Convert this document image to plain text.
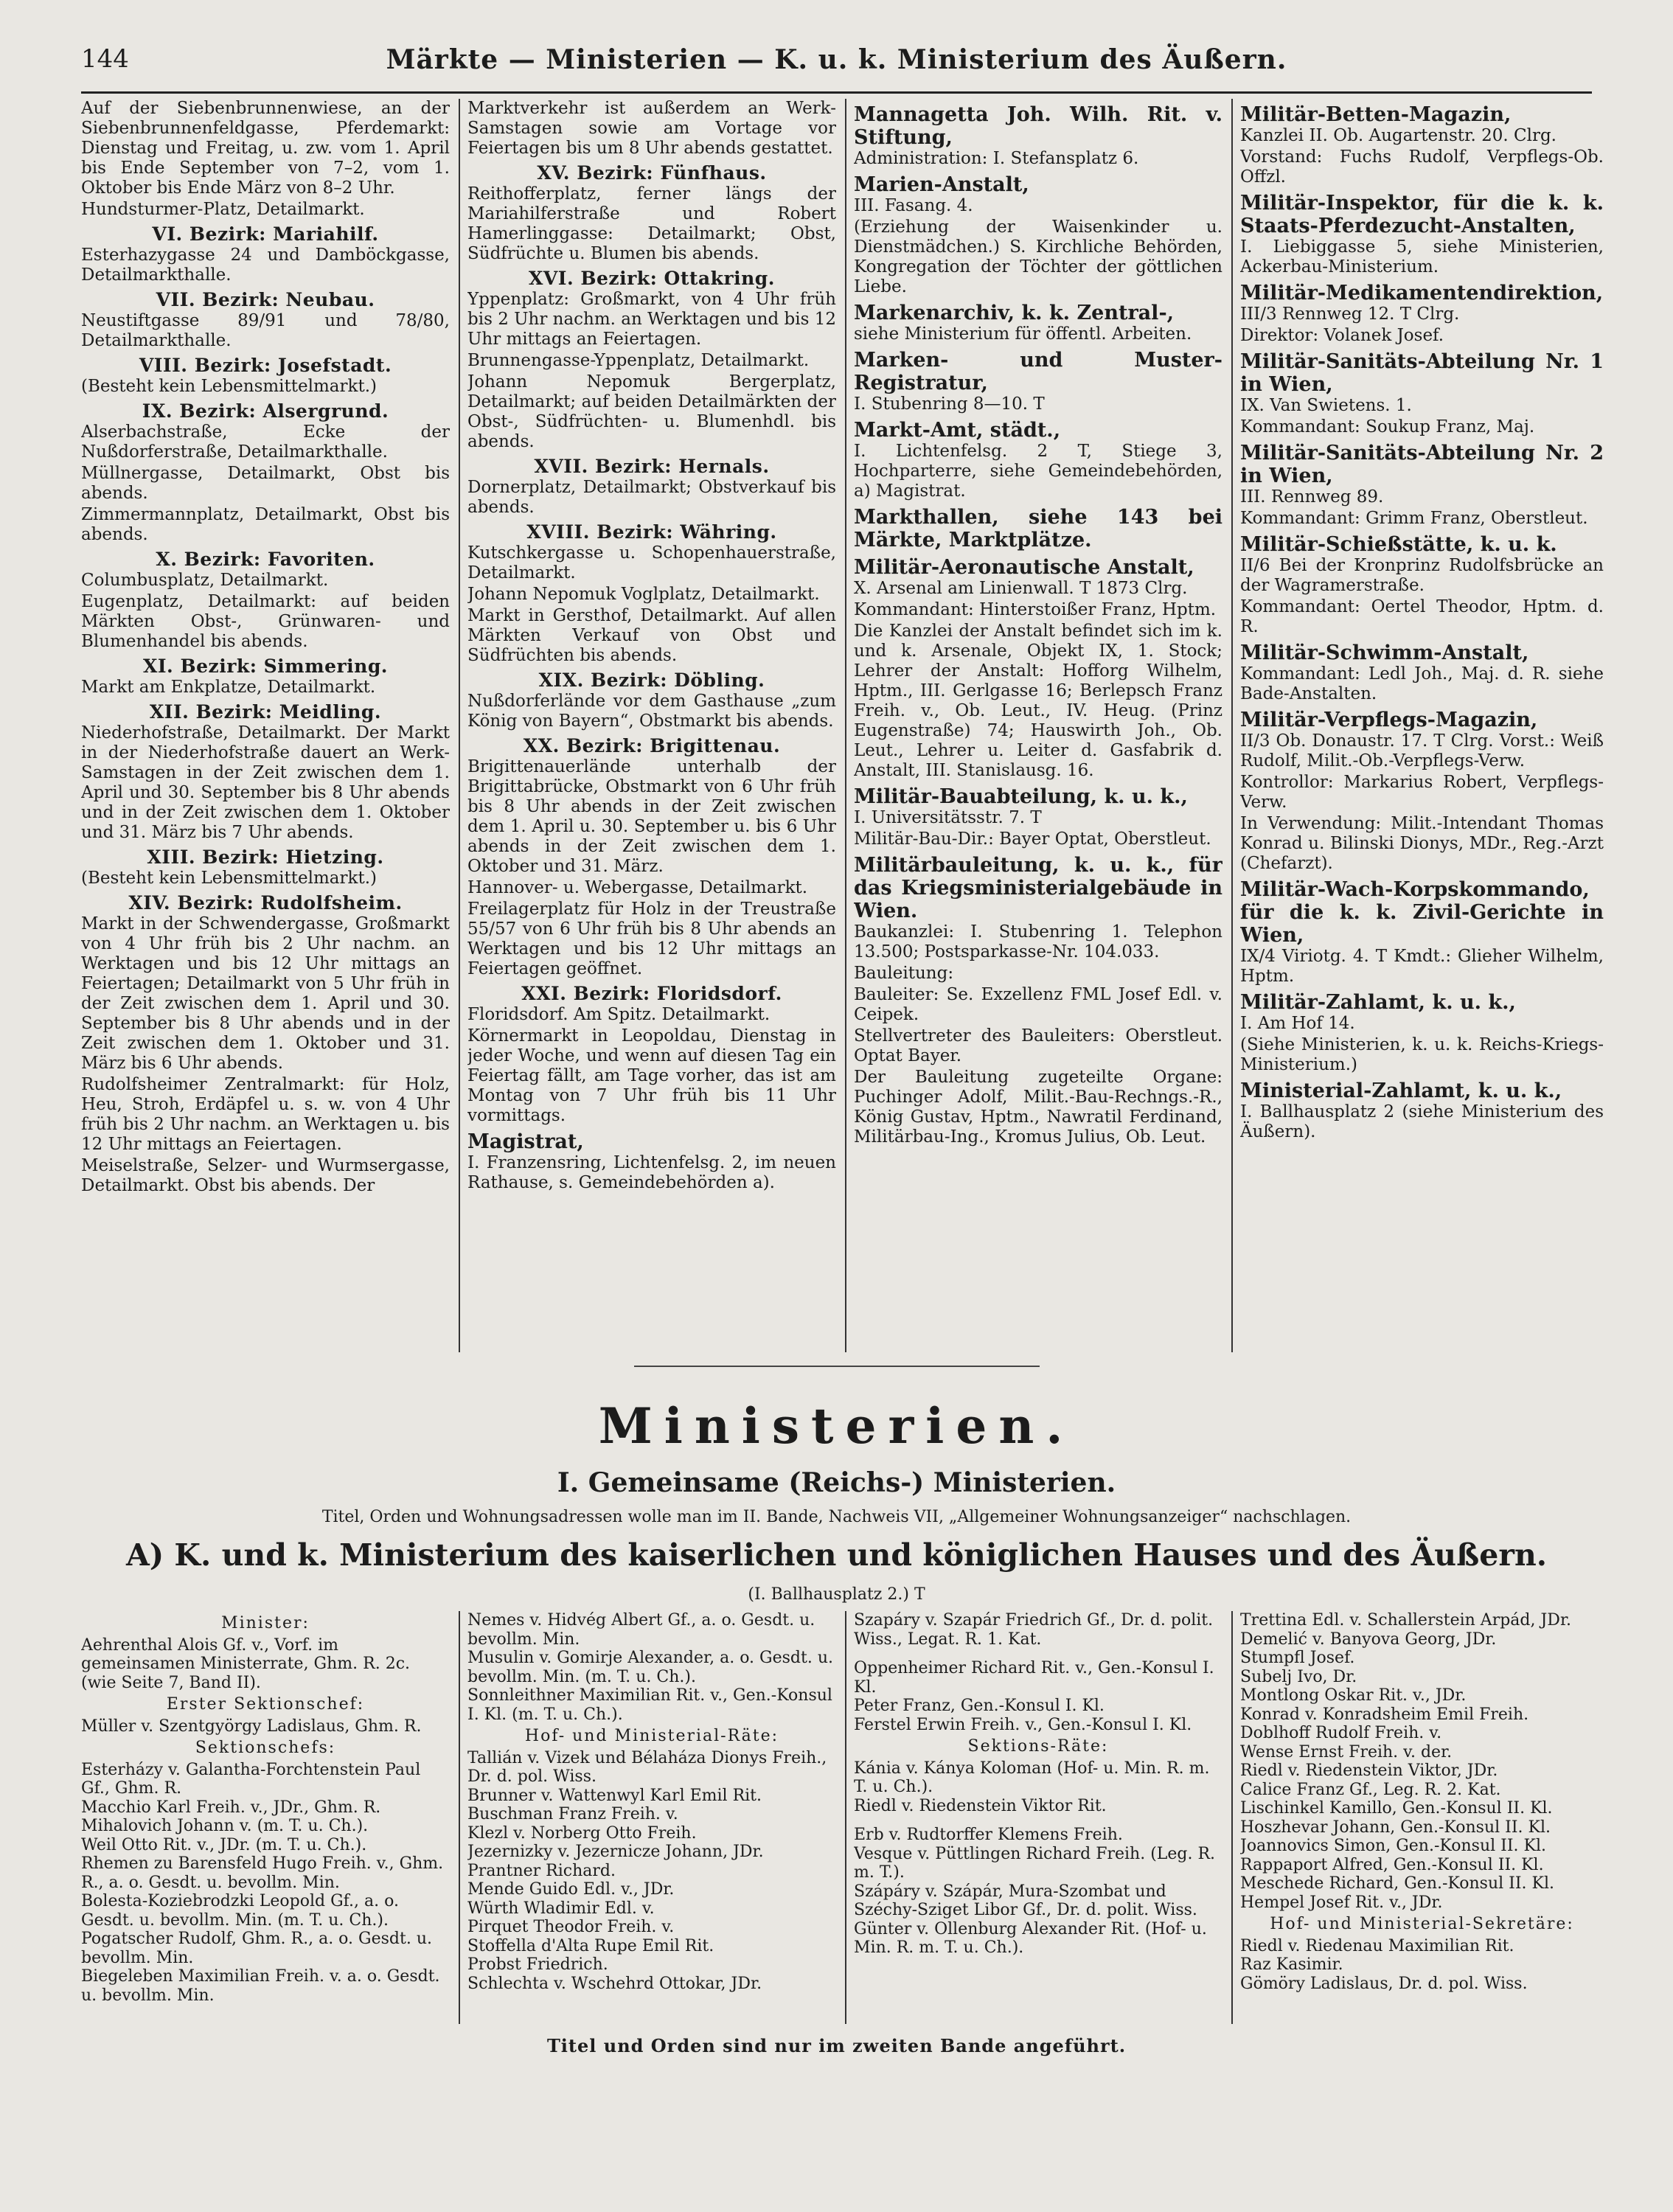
144	Märkte — Ministerien — K. u. k. Ministerium des Äußern.

Auf der Siebenbrunnenwiese, an der Siebenbrunnenfeldgasse, Pferdemarkt: Dienstag und Freitag, u. zw. vom 1. April bis Ende September von 7–2, vom 1. Oktober bis Ende März von 8–2 Uhr.

Hundsturmer-Platz, Detailmarkt.

VI. Bezirk: Mariahilf.

Esterhazygasse 24 und Damböckgasse, Detailmarkthalle.

VII. Bezirk: Neubau.

Neustiftgasse 89/91 und 78/80, Detailmarkthalle.

VIII. Bezirk: Josefstadt.

(Besteht kein Lebensmittelmarkt.)

IX. Bezirk: Alsergrund.

Alserbachstraße, Ecke der Nußdorferstraße, Detailmarkthalle.

Müllnergasse, Detailmarkt, Obst bis abends.

Zimmermannplatz, Detailmarkt, Obst bis abends.

X. Bezirk: Favoriten.

Columbusplatz, Detailmarkt.

Eugenplatz, Detailmarkt: auf beiden Märkten Obst-, Grünwaren- und Blumenhandel bis abends.

XI. Bezirk: Simmering.

Markt am Enkplatze, Detailmarkt.

XII. Bezirk: Meidling.

Niederhofstraße, Detailmarkt. Der Markt in der Niederhofstraße dauert an Werk-Samstagen in der Zeit zwischen dem 1. April und 30. September bis 8 Uhr abends und in der Zeit zwischen dem 1. Oktober und 31. März bis 7 Uhr abends.

XIII. Bezirk: Hietzing.

(Besteht kein Lebensmittelmarkt.)

XIV. Bezirk: Rudolfsheim.

Markt in der Schwendergasse, Großmarkt von 4 Uhr früh bis 2 Uhr nachm. an Werktagen und bis 12 Uhr mittags an Feiertagen; Detailmarkt von 5 Uhr früh in der Zeit zwischen dem 1. April und 30. September bis 8 Uhr abends und in der Zeit zwischen dem 1. Oktober und 31. März bis 6 Uhr abends.

Rudolfsheimer Zentralmarkt: für Holz, Heu, Stroh, Erdäpfel u. s. w. von 4 Uhr früh bis 2 Uhr nachm. an Werktagen u. bis 12 Uhr mittags an Feiertagen.

Meiselstraße, Selzer- und Wurmsergasse, Detailmarkt. Obst bis abends. Der

Marktverkehr ist außerdem an Werk-Samstagen sowie am Vortage vor Feiertagen bis um 8 Uhr abends gestattet.

XV. Bezirk: Fünfhaus.

Reithofferplatz, ferner längs der Mariahilferstraße und Robert Hamerlinggasse: Detailmarkt; Obst, Südfrüchte u. Blumen bis abends.

XVI. Bezirk: Ottakring.

Yppenplatz: Großmarkt, von 4 Uhr früh bis 2 Uhr nachm. an Werktagen und bis 12 Uhr mittags an Feiertagen.

Brunnengasse-Yppenplatz, Detailmarkt.

Johann Nepomuk Bergerplatz, Detailmarkt; auf beiden Detailmärkten der Obst-, Südfrüchten- u. Blumenhdl. bis abends.

XVII. Bezirk: Hernals.

Dornerplatz, Detailmarkt; Obstverkauf bis abends.

XVIII. Bezirk: Währing.

Kutschkergasse u. Schopenhauerstraße, Detailmarkt.

Johann Nepomuk Voglplatz, Detailmarkt.

Markt in Gersthof, Detailmarkt. Auf allen Märkten Verkauf von Obst und Südfrüchten bis abends.

XIX. Bezirk: Döbling.

Nußdorferlände vor dem Gasthause „zum König von Bayern“, Obstmarkt bis abends.

XX. Bezirk: Brigittenau.

Brigittenauerlände unterhalb der Brigittabrücke, Obstmarkt von 6 Uhr früh bis 8 Uhr abends in der Zeit zwischen dem 1. April u. 30. September u. bis 6 Uhr abends in der Zeit zwischen dem 1. Oktober und 31. März.

Hannover- u. Webergasse, Detailmarkt.

Freilagerplatz für Holz in der Treustraße 55/57 von 6 Uhr früh bis 8 Uhr abends an Werktagen und bis 12 Uhr mittags an Feiertagen geöffnet.

XXI. Bezirk: Floridsdorf.

Floridsdorf. Am Spitz. Detailmarkt.

Körnermarkt in Leopoldau, Dienstag in jeder Woche, und wenn auf diesen Tag ein Feiertag fällt, am Tage vorher, das ist am Montag von 7 Uhr früh bis 11 Uhr vormittags.

Magistrat,

I. Franzensring, Lichtenfelsg. 2, im neuen Rathause, s. Gemeindebehörden a).

Mannagetta Joh. Wilh. Rit. v. Stiftung,

Administration: I. Stefansplatz 6.

Marien-Anstalt,

III. Fasang. 4.

(Erziehung der Waisenkinder u. Dienstmädchen.) S. Kirchliche Behörden, Kongregation der Töchter der göttlichen Liebe.

Markenarchiv, k. k. Zentral-,

siehe Ministerium für öffentl. Arbeiten.

Marken- und Muster-Registratur,

I. Stubenring 8—10. T

Markt-Amt, städt.,

I. Lichtenfelsg. 2 T, Stiege 3, Hochparterre, siehe Gemeindebehörden, a) Magistrat.

Markthallen, siehe 143 bei Märkte, Marktplätze.

Militär-Aeronautische Anstalt,

X. Arsenal am Linienwall. T 1873 Clrg.

Kommandant: Hinterstoißer Franz, Hptm.

Die Kanzlei der Anstalt befindet sich im k. und k. Arsenale, Objekt IX, 1. Stock; Lehrer der Anstalt: Hofforg Wilhelm, Hptm., III. Gerlgasse 16; Berlepsch Franz Freih. v., Ob. Leut., IV. Heug. (Prinz Eugenstraße) 74; Hauswirth Joh., Ob. Leut., Lehrer u. Leiter d. Gasfabrik d. Anstalt, III. Stanislausg. 16.

Militär-Bauabteilung, k. u. k.,

I. Universitätsstr. 7. T

Militär-Bau-Dir.: Bayer Optat, Oberstleut.

Militärbauleitung, k. u. k., für das Kriegsministerialgebäude in Wien.

Baukanzlei: I. Stubenring 1. Telephon 13.500; Postsparkasse-Nr. 104.033.

Bauleitung:

Bauleiter: Se. Exzellenz FML Josef Edl. v. Ceipek.

Stellvertreter des Bauleiters: Oberstleut. Optat Bayer.

Der Bauleitung zugeteilte Organe: Puchinger Adolf, Milit.-Bau-Rechngs.-R., König Gustav, Hptm., Nawratil Ferdinand, Militärbau-Ing., Kromus Julius, Ob. Leut.

Militär-Betten-Magazin,

Kanzlei II. Ob. Augartenstr. 20. Clrg.

Vorstand: Fuchs Rudolf, Verpflegs-Ob. Offzl.

Militär-Inspektor, für die k. k. Staats-Pferdezucht-Anstalten,

I. Liebiggasse 5, siehe Ministerien, Ackerbau-Ministerium.

Militär-Medikamentendirektion,

III/3 Rennweg 12. T Clrg.

Direktor: Volanek Josef.

Militär-Sanitäts-Abteilung Nr. 1 in Wien,

IX. Van Swietens. 1.

Kommandant: Soukup Franz, Maj.

Militär-Sanitäts-Abteilung Nr. 2 in Wien,

III. Rennweg 89.

Kommandant: Grimm Franz, Oberstleut.

Militär-Schießstätte, k. u. k.

II/6 Bei der Kronprinz Rudolfsbrücke an der Wagramerstraße.

Kommandant: Oertel Theodor, Hptm. d. R.

Militär-Schwimm-Anstalt,

Kommandant: Ledl Joh., Maj. d. R. siehe Bade-Anstalten.

Militär-Verpflegs-Magazin,

II/3 Ob. Donaustr. 17. T Clrg. Vorst.: Weiß Rudolf, Milit.-Ob.-Verpflegs-Verw.

Kontrollor: Markarius Robert, Verpflegs-Verw.

In Verwendung: Milit.-Intendant Thomas Konrad u. Bilinski Dionys, MDr., Reg.-Arzt (Chefarzt).

Militär-Wach-Korpskommando, für die k. k. Zivil-Gerichte in Wien,

IX/4 Viriotg. 4. T Kmdt.: Glieher Wilhelm, Hptm.

Militär-Zahlamt, k. u. k.,

I. Am Hof 14.

(Siehe Ministerien, k. u. k. Reichs-Kriegs-Ministerium.)

Ministerial-Zahlamt, k. u. k.,

I. Ballhausplatz 2 (siehe Ministerium des Äußern).

Ministerien.
I. Gemeinsame (Reichs-) Ministerien.
Titel, Orden und Wohnungsadressen wolle man im II. Bande, Nachweis VII, „Allgemeiner Wohnungsanzeiger“ nachschlagen.
A) K. und k. Ministerium des kaiserlichen und königlichen Hauses und des Äußern.
(I. Ballhausplatz 2.) T

Minister:

Aehrenthal Alois Gf. v., Vorf. im gemeinsamen Ministerrate, Ghm. R. 2c. (wie Seite 7, Band II).

Erster Sektionschef:

Müller v. Szentgyörgy Ladislaus, Ghm. R.

Sektionschefs:

Esterházy v. Galantha-Forchtenstein Paul Gf., Ghm. R.

Macchio Karl Freih. v., JDr., Ghm. R.

Mihalovich Johann v. (m. T. u. Ch.).

Weil Otto Rit. v., JDr. (m. T. u. Ch.).

Rhemen zu Barensfeld Hugo Freih. v., Ghm. R., a. o. Gesdt. u. bevollm. Min.

Bolesta-Koziebrodzki Leopold Gf., a. o. Gesdt. u. bevollm. Min. (m. T. u. Ch.).

Pogatscher Rudolf, Ghm. R., a. o. Gesdt. u. bevollm. Min.

Biegeleben Maximilian Freih. v. a. o. Gesdt. u. bevollm. Min.

Nemes v. Hidvég Albert Gf., a. o. Gesdt. u. bevollm. Min.

Musulin v. Gomirje Alexander, a. o. Gesdt. u. bevollm. Min. (m. T. u. Ch.).

Sonnleithner Maximilian Rit. v., Gen.-Konsul I. Kl. (m. T. u. Ch.).

Hof- und Ministerial-Räte:

Tallián v. Vizek und Bélaháza Dionys Freih., Dr. d. pol. Wiss.

Brunner v. Wattenwyl Karl Emil Rit.

Buschman Franz Freih. v.

Klezl v. Norberg Otto Freih.

Jezernizky v. Jezernicze Johann, JDr.

Prantner Richard.

Mende Guido Edl. v., JDr.

Würth Wladimir Edl. v.

Pirquet Theodor Freih. v.

Stoffella d'Alta Rupe Emil Rit.

Probst Friedrich.

Schlechta v. Wschehrd Ottokar, JDr.

Szapáry v. Szapár Friedrich Gf., Dr. d. polit. Wiss., Legat. R. 1. Kat.

Oppenheimer Richard Rit. v., Gen.-Konsul I. Kl.

Peter Franz, Gen.-Konsul I. Kl.

Ferstel Erwin Freih. v., Gen.-Konsul I. Kl.

Sektions-Räte:

Kánia v. Kánya Koloman (Hof- u. Min. R. m. T. u. Ch.).

Riedl v. Riedenstein Viktor Rit.

Erb v. Rudtorffer Klemens Freih.

Vesque v. Püttlingen Richard Freih. (Leg. R. m. T.).

Szápáry v. Szápár, Mura-Szombat und Széchy-Sziget Libor Gf., Dr. d. polit. Wiss.

Günter v. Ollenburg Alexander Rit. (Hof- u. Min. R. m. T. u. Ch.).

Trettina Edl. v. Schallerstein Arpád, JDr.

Demelić v. Banyova Georg, JDr.

Stumpfl Josef.

Subelj Ivo, Dr.

Montlong Oskar Rit. v., JDr.

Konrad v. Konradsheim Emil Freih.

Doblhoff Rudolf Freih. v.

Wense Ernst Freih. v. der.

Riedl v. Riedenstein Viktor, JDr.

Calice Franz Gf., Leg. R. 2. Kat.

Lischinkel Kamillo, Gen.-Konsul II. Kl.

Hoszhevar Johann, Gen.-Konsul II. Kl.

Joannovics Simon, Gen.-Konsul II. Kl.

Rappaport Alfred, Gen.-Konsul II. Kl.

Meschede Richard, Gen.-Konsul II. Kl.

Hempel Josef Rit. v., JDr.

Hof- und Ministerial-Sekretäre:

Riedl v. Riedenau Maximilian Rit.

Raz Kasimir.

Gömöry Ladislaus, Dr. d. pol. Wiss.

Titel und Orden sind nur im zweiten Bande angeführt.
